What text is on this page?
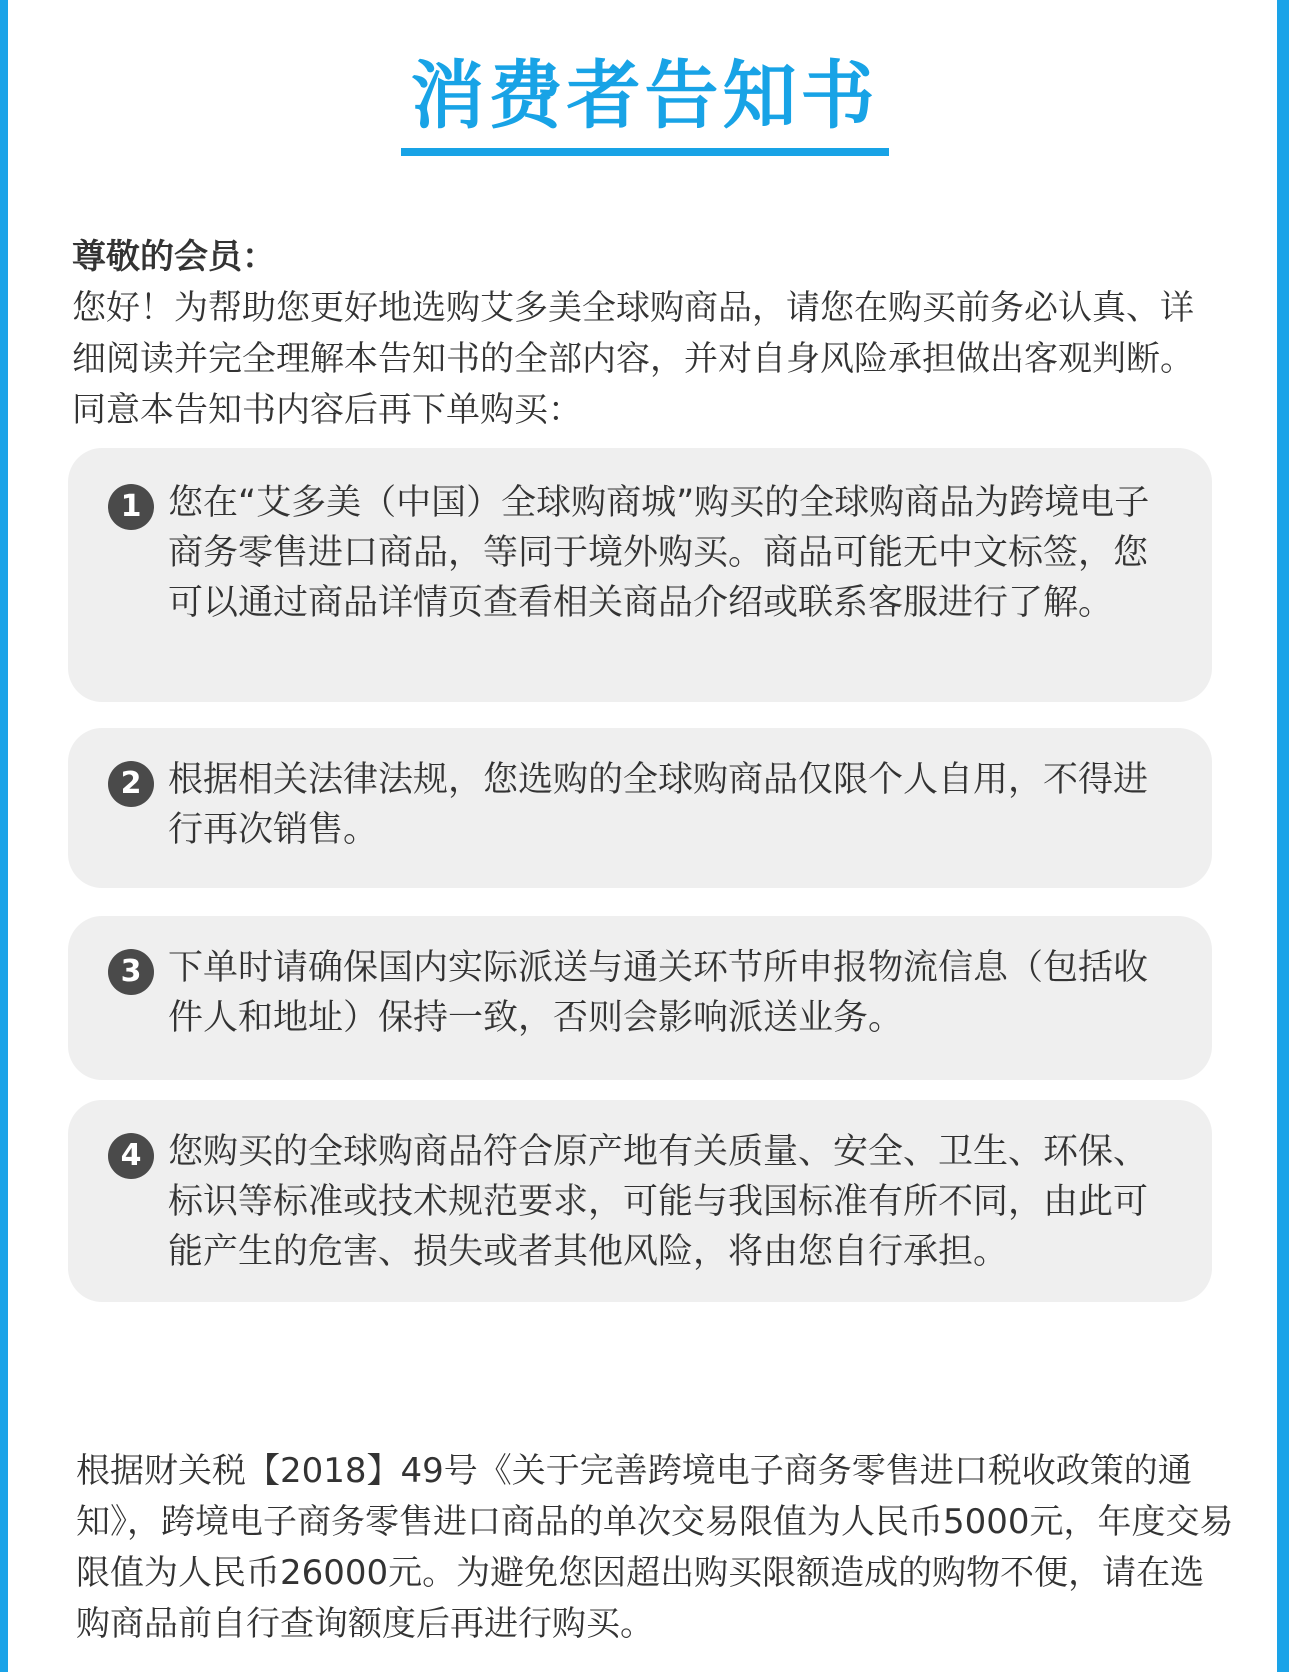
消费者告知书

尊敬的会员：

您好！为帮助您更好地选购艾多美全球购商品，请您在购买前务必认真、详细阅读并完全理解本告知书的全部内容，并对自身风险承担做出客观判断。同意本告知书内容后再下单购买：

1 您在“艾多美（中国）全球购商城”购买的全球购商品为跨境电子商务零售进口商品，等同于境外购买。商品可能无中文标签，您可以通过商品详情页查看相关商品介绍或联系客服进行了解。

2 根据相关法律法规，您选购的全球购商品仅限个人自用，不得进行再次销售。

3 下单时请确保国内实际派送与通关环节所申报物流信息（包括收件人和地址）保持一致，否则会影响派送业务。

4 您购买的全球购商品符合原产地有关质量、安全、卫生、环保、标识等标准或技术规范要求，可能与我国标准有所不同，由此可能产生的危害、损失或者其他风险，将由您自行承担。

根据财关税【2018】49号《关于完善跨境电子商务零售进口税收政策的通知》，跨境电子商务零售进口商品的单次交易限值为人民币5000元，年度交易限值为人民币26000元。为避免您因超出购买限额造成的购物不便，请在选购商品前自行查询额度后再进行购买。
